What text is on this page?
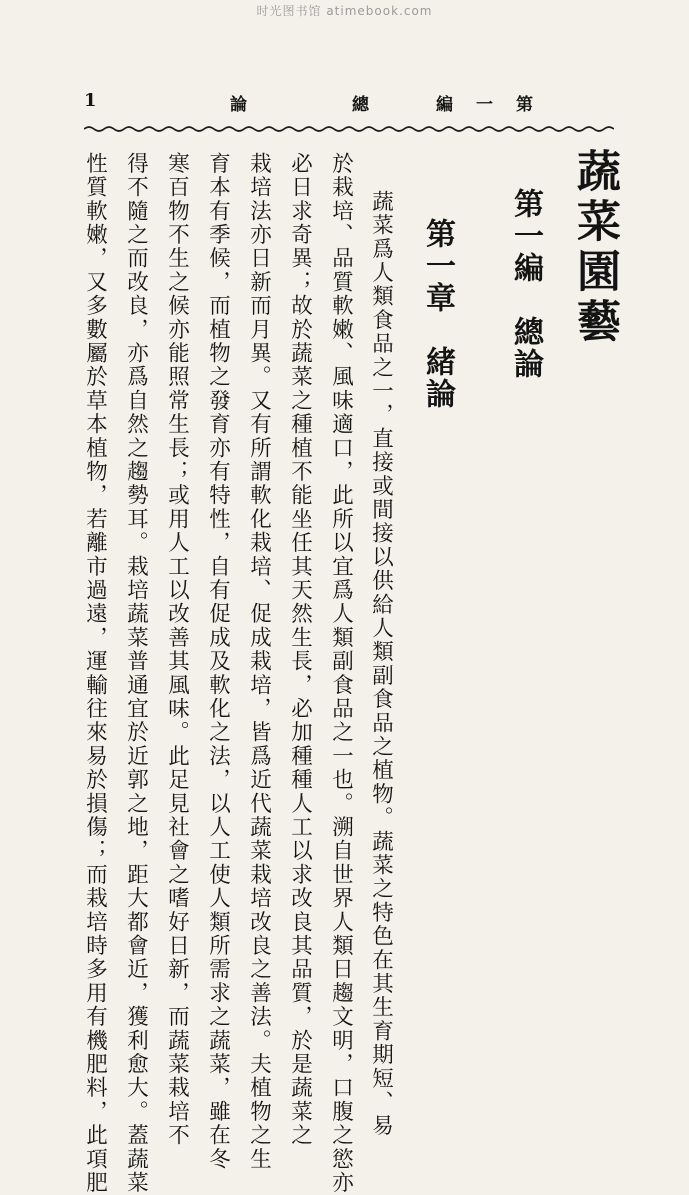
时光图书馆 atimebook.com
1	論	總	編 一 第
蔬菜園藝
第一編　總論
第一章　緒論
蔬菜爲人類食品之一，直接或間接以供給人類副食品之植物。蔬菜之特色在其生育期短、易
於栽培、品質軟嫩、風味適口，此所以宜爲人類副食品之一也。溯自世界人類日趨文明，口腹之慾亦
必日求奇異；故於蔬菜之種植不能坐任其天然生長，必加種種人工以求改良其品質，於是蔬菜之
栽培法亦日新而月異。又有所謂軟化栽培、促成栽培，皆爲近代蔬菜栽培改良之善法。夫植物之生
育本有季候，而植物之發育亦有特性，自有促成及軟化之法，以人工使人類所需求之蔬菜，雖在冬
寒百物不生之候亦能照常生長；或用人工以改善其風味。此足見社會之嗜好日新，而蔬菜栽培不
得不隨之而改良，亦爲自然之趨勢耳。栽培蔬菜普通宜於近郭之地，距大都會近，獲利愈大。蓋蔬菜
性質軟嫩，又多數屬於草本植物，若離市過遠，運輸往來易於損傷；而栽培時多用有機肥料，此項肥
